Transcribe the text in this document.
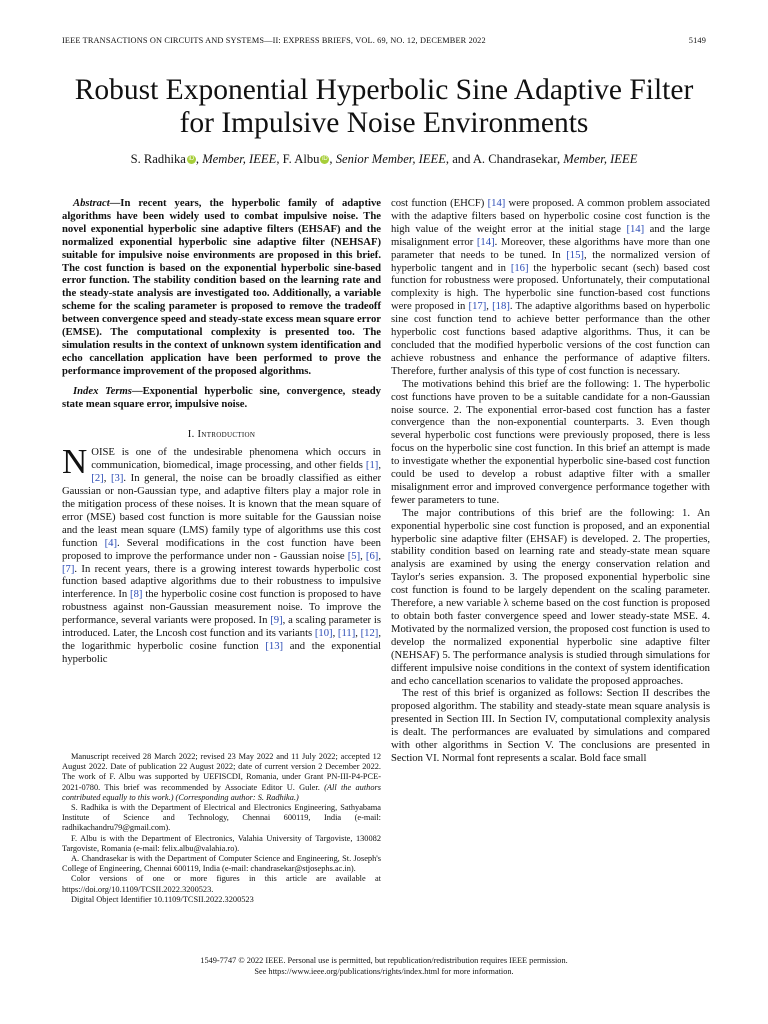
IEEE TRANSACTIONS ON CIRCUITS AND SYSTEMS—II: EXPRESS BRIEFS, VOL. 69, NO. 12, DECEMBER 2022	5149
Robust Exponential Hyperbolic Sine Adaptive Filter
for Impulsive Noise Environments
S. Radhika iD , Member, IEEE, F. Albu iD , Senior Member, IEEE, and A. Chandrasekar, Member, IEEE

Abstract—In recent years, the hyperbolic family of adaptive algorithms have been widely used to combat impulsive noise. The novel exponential hyperbolic sine adaptive filters (EHSAF) and the normalized exponential hyperbolic sine adaptive filter (NEHSAF) suitable for impulsive noise environments are proposed in this brief. The cost function is based on the exponential hyperbolic sine-based error function. The stability condition based on the learning rate and the steady-state analysis are investigated too. Additionally, a variable scheme for the scaling parameter is proposed to remove the tradeoff between convergence speed and steady-state excess mean square error (EMSE). The computational complexity is presented too. The simulation results in the context of unknown system identification and echo cancellation application have been performed to prove the performance improvement of the proposed algorithms.

Index Terms—Exponential hyperbolic sine, convergence, steady state mean square error, impulsive noise.

I. Introduction

NOISE is one of the undesirable phenomena which occurs in communication, biomedical, image processing, and other fields [1], [2], [3]. In general, the noise can be broadly classified as either Gaussian or non-Gaussian type, and adaptive filters play a major role in the mitigation process of these noises. It is known that the mean square of error (MSE) based cost function is more suitable for the Gaussian noise and the least mean square (LMS) family type of algorithms use this cost function [4]. Several modifications in the cost function have been proposed to improve the performance under non - Gaussian noise [5], [6], [7]. In recent years, there is a growing interest towards hyperbolic cost function based adaptive algorithms due to their robustness to impulsive interference. In [8] the hyperbolic cosine cost function is proposed to have robustness against non-Gaussian measurement noise. To improve the performance, several variants were proposed. In [9], a scaling parameter is introduced. Later, the Lncosh cost function and its variants [10], [11], [12], the logarithmic hyperbolic cosine function [13] and the exponential hyperbolic

Manuscript received 28 March 2022; revised 23 May 2022 and 11 July 2022; accepted 12 August 2022. Date of publication 22 August 2022; date of current version 2 December 2022. The work of F. Albu was supported by UEFISCDI, Romania, under Grant PN-III-P4-PCE-2021-0780. This brief was recommended by Associate Editor U. Guler. (All the authors contributed equally to this work.) (Corresponding author: S. Radhika.)

S. Radhika is with the Department of Electrical and Electronics Engineering, Sathyabama Institute of Science and Technology, Chennai 600119, India (e-mail: radhikachandru79@gmail.com).

F. Albu is with the Department of Electronics, Valahia University of Targoviste, 130082 Targoviste, Romania (e-mail: felix.albu@valahia.ro).

A. Chandrasekar is with the Department of Computer Science and Engineering, St. Joseph's College of Engineering, Chennai 600119, India (e-mail: chandrasekar@stjosephs.ac.in).

Color versions of one or more figures in this article are available at https://doi.org/10.1109/TCSII.2022.3200523.

Digital Object Identifier 10.1109/TCSII.2022.3200523

cost function (EHCF) [14] were proposed. A common problem associated with the adaptive filters based on hyperbolic cosine cost function is the high value of the weight error at the initial stage [14] and the large misalignment error [14]. Moreover, these algorithms have more than one parameter that needs to be tuned. In [15], the normalized version of hyperbolic tangent and in [16] the hyperbolic secant (sech) based cost function for robustness were proposed. Unfortunately, their computational complexity is high. The hyperbolic sine function-based cost functions were proposed in [17], [18]. The adaptive algorithms based on hyperbolic sine cost function tend to achieve better performance than the other hyperbolic cost functions based adaptive algorithms. Thus, it can be concluded that the modified hyperbolic versions of the cost function can achieve robustness and enhance the performance of adaptive filters. Therefore, further analysis of this type of cost function is necessary.

The motivations behind this brief are the following: 1. The hyperbolic cost functions have proven to be a suitable candidate for a non-Gaussian noise source. 2. The exponential error-based cost function has a faster convergence than the non-exponential counterparts. 3. Even though several hyperbolic cost functions were previously proposed, there is less focus on the hyperbolic sine cost function. In this brief an attempt is made to investigate whether the exponential hyperbolic sine-based cost function could be used to develop a robust adaptive filter with a smaller misalignment error and improved convergence performance together with fewer parameters to tune.

The major contributions of this brief are the following: 1. An exponential hyperbolic sine cost function is proposed, and an exponential hyperbolic sine adaptive filter (EHSAF) is developed. 2. The properties, stability condition based on learning rate and steady-state mean square analysis are examined by using the energy conservation relation and Taylor's series expansion. 3. The proposed exponential hyperbolic sine cost function is found to be largely dependent on the scaling parameter. Therefore, a new variable λ scheme based on the cost function is proposed to obtain both faster convergence speed and lower steady-state MSE. 4. Motivated by the normalized version, the proposed cost function is used to develop the normalized exponential hyperbolic sine adaptive filter (NEHSAF) 5. The performance analysis is studied through simulations for different impulsive noise conditions in the context of system identification and echo cancellation scenarios to validate the proposed approaches.

The rest of this brief is organized as follows: Section II describes the proposed algorithm. The stability and steady-state mean square analysis is presented in Section III. In Section IV, computational complexity analysis is dealt. The performances are evaluated by simulations and compared with other algorithms in Section V. The conclusions are presented in Section VI. Normal font represents a scalar. Bold face small

1549-7747 © 2022 IEEE. Personal use is permitted, but republication/redistribution requires IEEE permission.
See https://www.ieee.org/publications/rights/index.html for more information.
